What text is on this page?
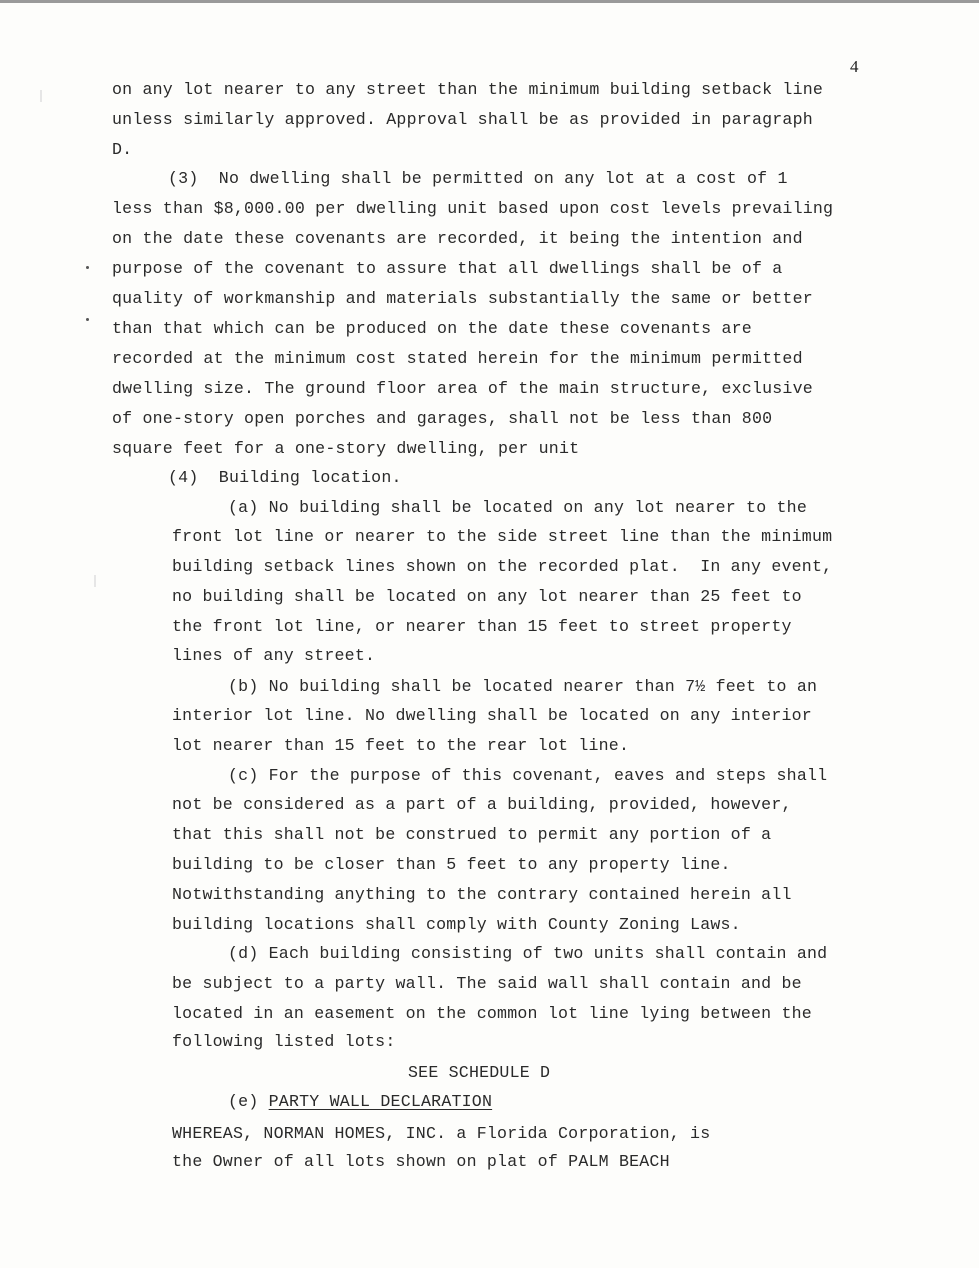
4
on any lot nearer to any street than the minimum building setback line
unless similarly approved. Approval shall be as provided in paragraph
D.
(3)  No dwelling shall be permitted on any lot at a cost of 1
less than $8,000.00 per dwelling unit based upon cost levels prevailing
on the date these covenants are recorded, it being the intention and
purpose of the covenant to assure that all dwellings shall be of a
quality of workmanship and materials substantially the same or better
than that which can be produced on the date these covenants are
recorded at the minimum cost stated herein for the minimum permitted
dwelling size. The ground floor area of the main structure, exclusive
of one-story open porches and garages, shall not be less than 800
square feet for a one-story dwelling, per unit
(4)  Building location.
(a) No building shall be located on any lot nearer to the
front lot line or nearer to the side street line than the minimum
building setback lines shown on the recorded plat.  In any event,
no building shall be located on any lot nearer than 25 feet to
the front lot line, or nearer than 15 feet to street property
lines of any street.
(b) No building shall be located nearer than 7½ feet to an
interior lot line. No dwelling shall be located on any interior
lot nearer than 15 feet to the rear lot line.
(c) For the purpose of this covenant, eaves and steps shall
not be considered as a part of a building, provided, however,
that this shall not be construed to permit any portion of a
building to be closer than 5 feet to any property line.
Notwithstanding anything to the contrary contained herein all
building locations shall comply with County Zoning Laws.
(d) Each building consisting of two units shall contain and
be subject to a party wall. The said wall shall contain and be
located in an easement on the common lot line lying between the
following listed lots:
SEE SCHEDULE D
(e) PARTY WALL DECLARATION
WHEREAS, NORMAN HOMES, INC. a Florida Corporation, is
the Owner of all lots shown on plat of PALM BEACH
